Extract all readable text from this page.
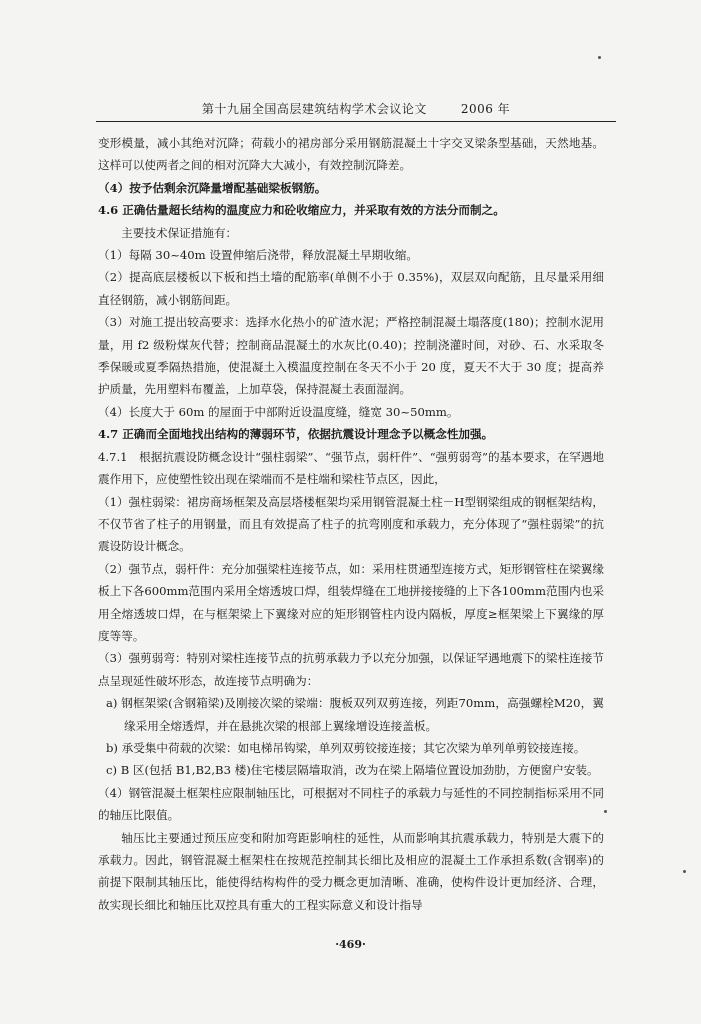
第十九届全国高层建筑结构学术会议论文	2006 年

变形模量，减小其绝对沉降；荷载小的裙房部分采用钢筋混凝土十字交叉梁条型基础，天然地基。这样可以使两者之间的相对沉降大大减小，有效控制沉降差。

（4）按予估剩余沉降量增配基础梁板钢筋。

4.6 正确估量超长结构的温度应力和砼收缩应力，并采取有效的方法分而制之。

主要技术保证措施有：

（1）每隔 30~40m 设置伸缩后浇带，释放混凝土早期收缩。

（2）提高底层楼板以下板和挡土墙的配筋率(单侧不小于 0.35%)，双层双向配筋，且尽量采用细直径钢筋，减小钢筋间距。

（3）对施工提出较高要求：选择水化热小的矿渣水泥；严格控制混凝土塌落度(180)；控制水泥用量，用 f2 级粉煤灰代替；控制商品混凝土的水灰比(0.40)；控制浇灌时间，对砂、石、水采取冬季保暖或夏季隔热措施，使混凝土入模温度控制在冬天不小于 20 度，夏天不大于 30 度；提高养护质量，先用塑料布覆盖，上加草袋，保持混凝土表面湿润。

（4）长度大于 60m 的屋面于中部附近设温度缝，缝宽 30~50mm。

4.7 正确而全面地找出结构的薄弱环节，依据抗震设计理念予以概念性加强。

4.7.1　根据抗震设防概念设计“强柱弱梁”、“强节点，弱杆件”、“强剪弱弯”的基本要求，在罕遇地震作用下，应使塑性铰出现在梁端而不是柱端和梁柱节点区，因此，

（1）强柱弱梁：裙房商场框架及高层塔楼框架均采用钢管混凝土柱－H型钢梁组成的钢框架结构，不仅节省了柱子的用钢量，而且有效提高了柱子的抗弯刚度和承载力，充分体现了“强柱弱梁”的抗震设防设计概念。

（2）强节点，弱杆件：充分加强梁柱连接节点，如：采用柱贯通型连接方式，矩形钢管柱在梁翼缘板上下各600mm范围内采用全熔透坡口焊，组装焊缝在工地拼接接缝的上下各100mm范围内也采用全熔透坡口焊，在与框架梁上下翼缘对应的矩形钢管柱内设内隔板，厚度≥框架梁上下翼缘的厚度等等。

（3）强剪弱弯：特别对梁柱连接节点的抗剪承载力予以充分加强，以保证罕遇地震下的梁柱连接节点呈现延性破坏形态，故连接节点明确为：

a) 钢框架梁(含钢箱梁)及刚接次梁的梁端：腹板双列双剪连接，列距70mm，高强螺栓M20，翼缘采用全熔透焊，并在悬挑次梁的根部上翼缘增设连接盖板。

b) 承受集中荷载的次梁：如电梯吊钩梁，单列双剪铰接连接；其它次梁为单列单剪铰接连接。

c) B 区(包括 B1,B2,B3 楼)住宅楼层隔墙取消，改为在梁上隔墙位置设加劲肋，方便窗户安装。

（4）钢管混凝土框架柱应限制轴压比，可根据对不同柱子的承载力与延性的不同控制指标采用不同的轴压比限值。

轴压比主要通过预压应变和附加弯距影响柱的延性，从而影响其抗震承载力，特别是大震下的承载力。因此，钢管混凝土框架柱在按规范控制其长细比及相应的混凝土工作承担系数(含钢率)的前提下限制其轴压比，能使得结构构件的受力概念更加清晰、准确，使构件设计更加经济、合理，故实现长细比和轴压比双控具有重大的工程实际意义和设计指导

·469·
